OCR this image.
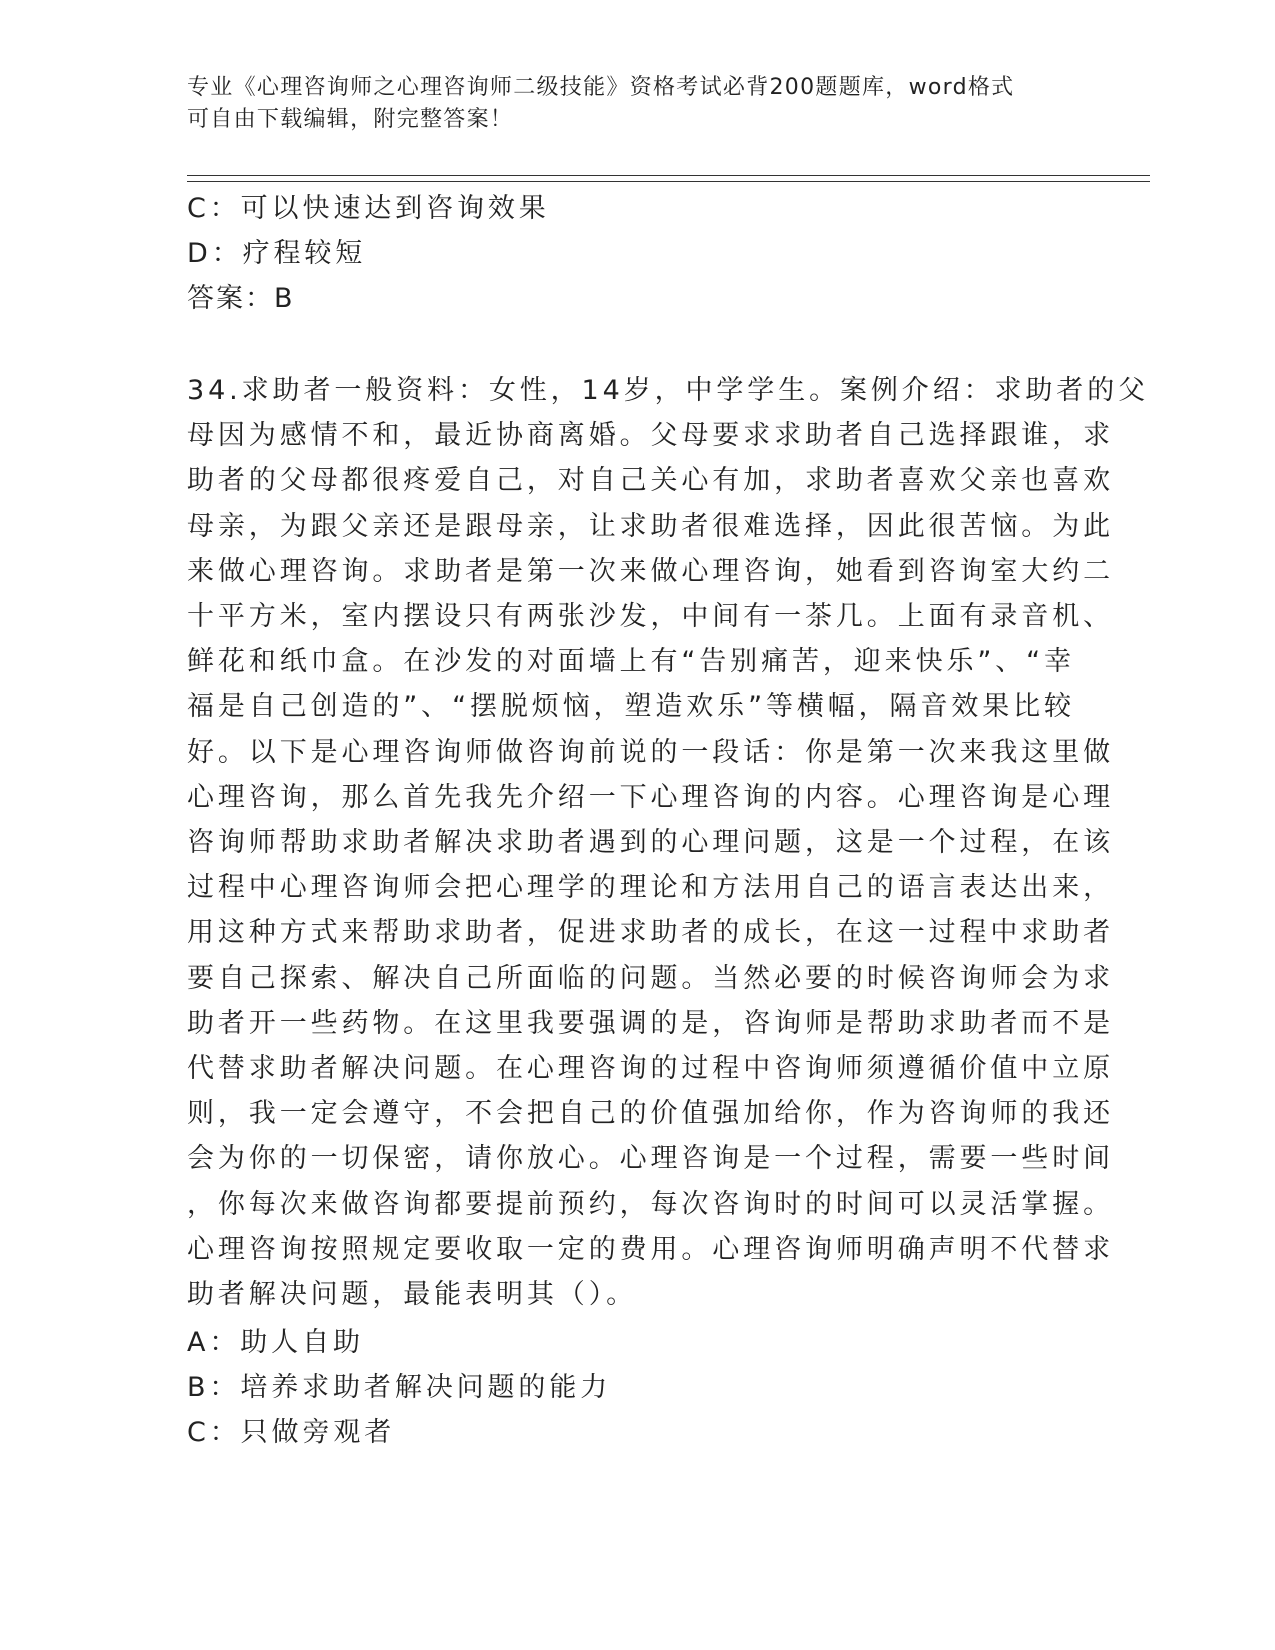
专业《心理咨询师之心理咨询师二级技能》资格考试必背200题题库，word格式
可自由下载编辑，附完整答案！
C：可以快速达到咨询效果
D：疗程较短
答案：B
34.求助者一般资料：女性，14岁，中学学生。案例介绍：求助者的父
母因为感情不和，最近协商离婚。父母要求求助者自己选择跟谁，求
助者的父母都很疼爱自己，对自己关心有加，求助者喜欢父亲也喜欢
母亲，为跟父亲还是跟母亲，让求助者很难选择，因此很苦恼。为此
来做心理咨询。求助者是第一次来做心理咨询，她看到咨询室大约二
十平方米，室内摆设只有两张沙发，中间有一茶几。上面有录音机、
鲜花和纸巾盒。在沙发的对面墙上有“告别痛苦，迎来快乐”、“幸
福是自己创造的”、“摆脱烦恼，塑造欢乐”等横幅，隔音效果比较
好。以下是心理咨询师做咨询前说的一段话：你是第一次来我这里做
心理咨询，那么首先我先介绍一下心理咨询的内容。心理咨询是心理
咨询师帮助求助者解决求助者遇到的心理问题，这是一个过程，在该
过程中心理咨询师会把心理学的理论和方法用自己的语言表达出来，
用这种方式来帮助求助者，促进求助者的成长，在这一过程中求助者
要自己探索、解决自己所面临的问题。当然必要的时候咨询师会为求
助者开一些药物。在这里我要强调的是，咨询师是帮助求助者而不是
代替求助者解决问题。在心理咨询的过程中咨询师须遵循价值中立原
则，我一定会遵守，不会把自己的价值强加给你，作为咨询师的我还
会为你的一切保密，请你放心。心理咨询是一个过程，需要一些时间
，你每次来做咨询都要提前预约，每次咨询时的时间可以灵活掌握。
心理咨询按照规定要收取一定的费用。心理咨询师明确声明不代替求
助者解决问题，最能表明其（）。
A：助人自助
B：培养求助者解决问题的能力
C：只做旁观者
